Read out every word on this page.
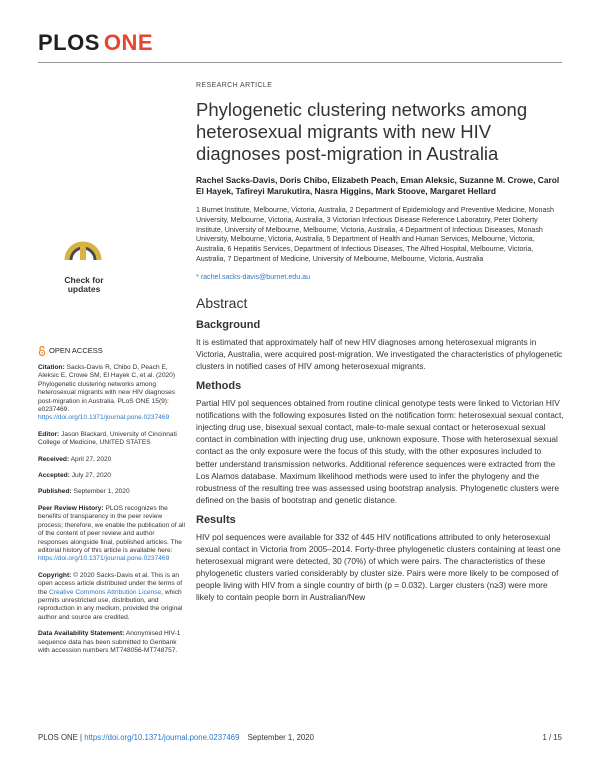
PLOS ONE
Check for
updates
OPEN ACCESS
Citation: Sacks-Davis R, Chibo D, Peach E, Aleksic E, Crowe SM, El Hayek C, et al. (2020) Phylogenetic clustering networks among heterosexual migrants with new HIV diagnoses post-migration in Australia. PLoS ONE 15(9): e0237469. https://doi.org/10.1371/journal.pone.0237469
Editor: Jason Blackard, University of Cincinnati College of Medicine, UNITED STATES
Received: April 27, 2020
Accepted: July 27, 2020
Published: September 1, 2020
Peer Review History: PLOS recognizes the benefits of transparency in the peer review process; therefore, we enable the publication of all of the content of peer review and author responses alongside final, published articles. The editorial history of this article is available here: https://doi.org/10.1371/journal.pone.0237469
Copyright: © 2020 Sacks-Davis et al. This is an open access article distributed under the terms of the Creative Commons Attribution License, which permits unrestricted use, distribution, and reproduction in any medium, provided the original author and source are credited.
Data Availability Statement: Anonymised HIV-1 sequence data has been submitted to Genbank with accession numbers MT748056-MT748757.
RESEARCH ARTICLE
Phylogenetic clustering networks among heterosexual migrants with new HIV diagnoses post-migration in Australia
Rachel Sacks-Davis, Doris Chibo, Elizabeth Peach, Eman Aleksic, Suzanne M. Crowe, Carol El Hayek, Tafireyi Marukutira, Nasra Higgins, Mark Stoove, Margaret Hellard
1 Burnet Institute, Melbourne, Victoria, Australia, 2 Department of Epidemiology and Preventive Medicine, Monash University, Melbourne, Victoria, Australia, 3 Victorian Infectious Disease Reference Laboratory, Peter Doherty Institute, University of Melbourne, Melbourne, Victoria, Australia, 4 Department of Infectious Diseases, Monash University, Melbourne, Victoria, Australia, 5 Department of Health and Human Services, Melbourne, Victoria, Australia, 6 Hepatitis Services, Department of Infectious Diseases, The Alfred Hospital, Melbourne, Victoria, Australia, 7 Department of Medicine, University of Melbourne, Melbourne, Victoria, Australia
* rachel.sacks-davis@burnet.edu.au
Abstract
Background

It is estimated that approximately half of new HIV diagnoses among heterosexual migrants in Victoria, Australia, were acquired post-migration. We investigated the characteristics of phylogenetic clusters in notified cases of HIV among heterosexual migrants.

Methods

Partial HIV pol sequences obtained from routine clinical genotype tests were linked to Victorian HIV notifications with the following exposures listed on the notification form: heterosexual sexual contact, injecting drug use, bisexual sexual contact, male-to-male sexual contact or heterosexual sexual contact in combination with injecting drug use, unknown exposure. Those with heterosexual sexual contact as the only exposure were the focus of this study, with the other exposures included to better understand transmission networks. Additional reference sequences were extracted from the Los Alamos database. Maximum likelihood methods were used to infer the phylogeny and the robustness of the resulting tree was assessed using bootstrap analysis. Phylogenetic clusters were defined on the basis of bootstrap and genetic distance.

Results

HIV pol sequences were available for 332 of 445 HIV notifications attributed to only heterosexual sexual contact in Victoria from 2005–2014. Forty-three phylogenetic clusters containing at least one heterosexual migrant were detected, 30 (70%) of which were pairs. The characteristics of these phylogenetic clusters varied considerably by cluster size. Pairs were more likely to be composed of people living with HIV from a single country of birth (p = 0.032). Larger clusters (n≥3) were more likely to contain people born in Australian/New

PLOS ONE | https://doi.org/10.1371/journal.pone.0237469 September 1, 2020	1 / 15
